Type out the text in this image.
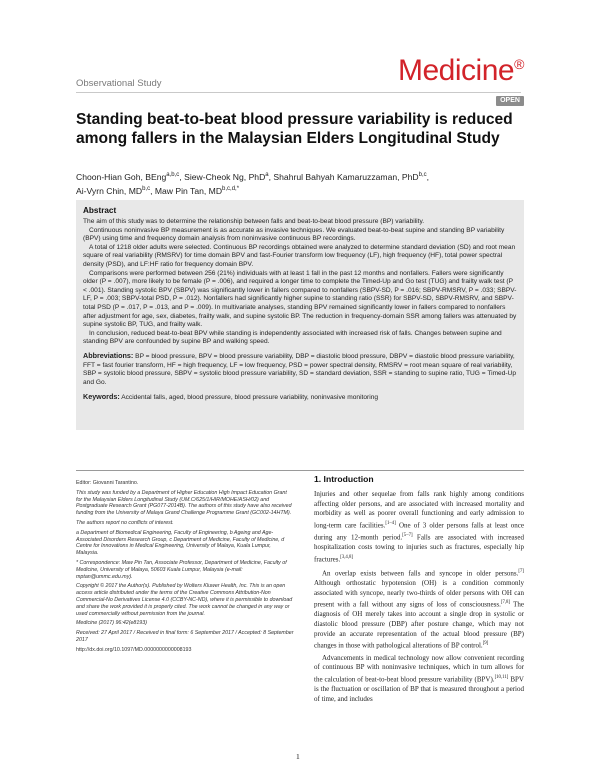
Observational Study	Medicine®
OPEN
Standing beat-to-beat blood pressure variability is reduced among fallers in the Malaysian Elders Longitudinal Study
Choon-Hian Goh, BEng$^{a,b,c}$, Siew-Cheok Ng, PhD$^a$, Shahrul Bahyah Kamaruzzaman, PhD$^{b,c}$,
Ai-Vyrn Chin, MD$^{b,c}$, Maw Pin Tan, $MD^{b,c,d,*}$
Abstract

The aim of this study was to determine the relationship between falls and beat-to-beat blood pressure (BP) variability.

Continuous noninvasive BP measurement is as accurate as invasive techniques. We evaluated beat-to-beat supine and standing BP variability (BPV) using time and frequency domain analysis from noninvasive continuous BP recordings.

A total of 1218 older adults were selected. Continuous BP recordings obtained were analyzed to determine standard deviation (SD) and root mean square of real variability (RMSRV) for time domain BPV and fast-Fourier transform low frequency (LF), high frequency (HF), total power spectral density (PSD), and LF:HF ratio for frequency domain BPV.

Comparisons were performed between 256 (21%) individuals with at least 1 fall in the past 12 months and nonfallers. Fallers were significantly older (P = .007), more likely to be female (P = .006), and required a longer time to complete the Timed-Up and Go test (TUG) and frailty walk test (P < .001). Standing systolic BPV (SBPV) was significantly lower in fallers compared to nonfallers (SBPV-SD, P = .016; SBPV-RMSRV, P = .033; SBPV-LF, P = .003; SBPV-total PSD, P = .012). Nonfallers had significantly higher supine to standing ratio (SSR) for SBPV-SD, SBPV-RMSRV, and SBPV-total PSD (P = .017, P = .013, and P = .009). In multivariate analyses, standing BPV remained significantly lower in fallers compared to nonfallers after adjustment for age, sex, diabetes, frailty walk, and supine systolic BP. The reduction in frequency-domain SSR among fallers was attenuated by supine systolic BP, TUG, and frailty walk.

In conclusion, reduced beat-to-beat BPV while standing is independently associated with increased risk of falls. Changes between supine and standing BPV are confounded by supine BP and walking speed.

Abbreviations: BP = blood pressure, BPV = blood pressure variability, DBP = diastolic blood pressure, DBPV = diastolic blood pressure variability, FFT = fast fourier transform, HF = high frequency, LF = low frequency, PSD = power spectral density, RMSRV = root mean square of real variability, SBP = systolic blood pressure, SBPV = systolic blood pressure variability, SD = standard deviation, SSR = standing to supine ratio, TUG = Timed-Up and Go.
Keywords: Accidental falls, aged, blood pressure, blood pressure variability, noninvasive monitoring

Editor: Giovanni Tarantino.

This study was funded by a Department of Higher Education High Impact Education Grant for the Malaysian Elders Longitudinal Study (UM.C/625/1/HIR/MOHE/ASH/02) and Postgraduate Research Grant (PG077-2014B). The authors of this study have also received funding from the University of Malaya Grand Challenge Programme Grant (GC002-14HTM).

The authors report no conflicts of interest.

a Department of Biomedical Engineering, Faculty of Engineering, b Ageing and Age-Associated Disorders Research Group, c Department of Medicine, Faculty of Medicine, d Centre for Innovations in Medical Engineering, University of Malaya, Kuala Lumpur, Malaysia.

* Correspondence: Maw Pin Tan, Associate Professor, Department of Medicine, Faculty of Medicine, University of Malaya, 50603 Kuala Lumpur, Malaysia (e-mail: mptan@ummc.edu.my).

Copyright © 2017 the Author(s). Published by Wolters Kluwer Health, Inc. This is an open access article distributed under the terms of the Creative Commons Attribution-Non Commercial-No Derivatives License 4.0 (CCBY-NC-ND), where it is permissible to download and share the work provided it is properly cited. The work cannot be changed in any way or used commercially without permission from the journal.

Medicine (2017) 96:42(e8193)

Received: 27 April 2017 / Received in final form: 6 September 2017 / Accepted: 8 September 2017

http://dx.doi.org/10.1097/MD.0000000000008193

1. Introduction

Injuries and other sequelae from falls rank highly among conditions affecting older persons, and are associated with increased mortality and morbidity as well as poorer overall functioning and early admission to long-term care facilities.[1–4] One of 3 older persons falls at least once during any 12-month period.[5–7] Falls are associated with increased hospitalization costs towing to injuries such as fractures, especially hip fractures.[3,4,8]

An overlap exists between falls and syncope in older persons.[7] Although orthostatic hypotension (OH) is a condition commonly associated with syncope, nearly two-thirds of older persons with OH can present with a fall without any signs of loss of consciousness.[7,8] The diagnosis of OH merely takes into account a single drop in systolic or diastolic blood pressure (DBP) after posture change, which may not provide an accurate representation of the actual blood pressure (BP) changes in those with pathological alterations of BP control.[9]

Advancements in medical technology now allow convenient recording of continuous BP with noninvasive techniques, which in turn allows for the calculation of beat-to-beat blood pressure variability (BPV).[10,11] BPV is the fluctuation or oscillation of BP that is measured throughout a period of time, and includes

1
